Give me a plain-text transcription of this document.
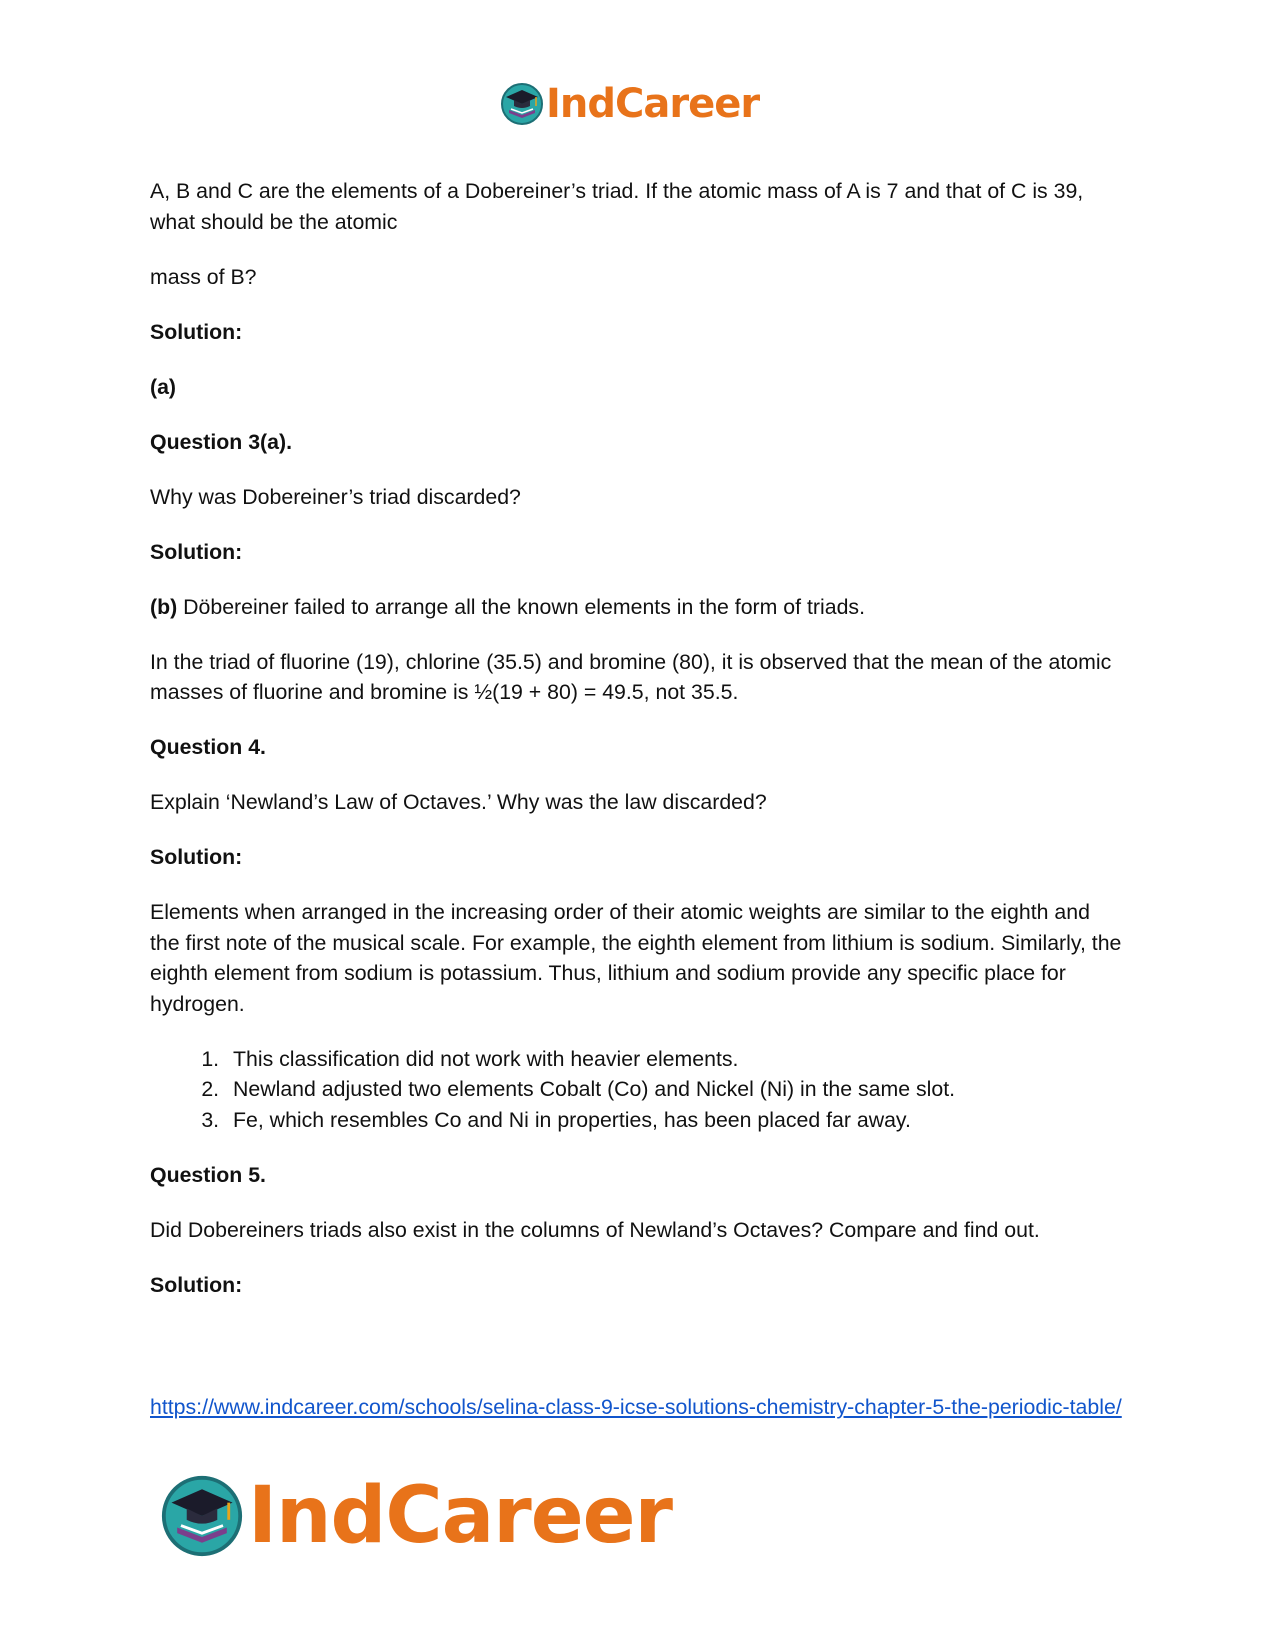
IndCareer

A, B and C are the elements of a Dobereiner’s triad. If the atomic mass of A is 7 and that of C is 39, what should be the atomic

mass of B?

Solution:

(a)

Question 3(a).

Why was Dobereiner’s triad discarded?

Solution:

(b) Döbereiner failed to arrange all the known elements in the form of triads.

In the triad of fluorine (19), chlorine (35.5) and bromine (80), it is observed that the mean of the atomic masses of fluorine and bromine is ½(19 + 80) = 49.5, not 35.5.

Question 4.

Explain ‘Newland’s Law of Octaves.’ Why was the law discarded?

Solution:

Elements when arranged in the increasing order of their atomic weights are similar to the eighth and the first note of the musical scale. For example, the eighth element from lithium is sodium. Similarly, the eighth element from sodium is potassium. Thus, lithium and sodium provide any specific place for hydrogen.

1. This classification did not work with heavier elements.
2. Newland adjusted two elements Cobalt (Co) and Nickel (Ni) in the same slot.
3. Fe, which resembles Co and Ni in properties, has been placed far away.

Question 5.

Did Dobereiners triads also exist in the columns of Newland’s Octaves? Compare and find out.

Solution:

https://www.indcareer.com/schools/selina-class-9-icse-solutions-chemistry-chapter-5-the-periodic-table/
IndCareer
